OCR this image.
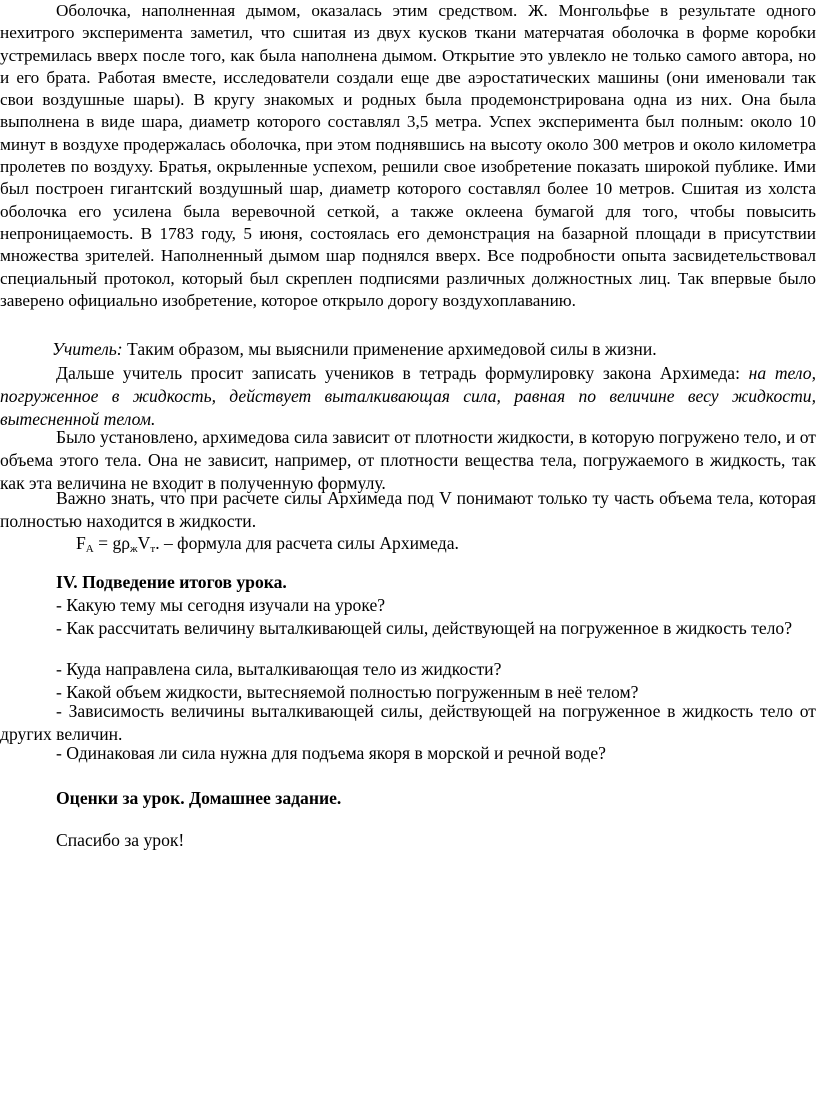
Оболочка, наполненная дымом, оказалась этим средством. Ж. Монгольфье в результате одного нехитрого эксперимента заметил, что сшитая из двух кусков ткани матерчатая оболочка в форме коробки устремилась вверх после того, как была наполнена дымом. Открытие это увлекло не только самого автора, но и его брата. Работая вместе, исследователи создали еще две аэростатических машины (они именовали так свои воздушные шары). В кругу знакомых и родных была продемонстрирована одна из них. Она была выполнена в виде шара, диаметр которого составлял 3,5 метра. Успех эксперимента был полным: около 10 минут в воздухе продержалась оболочка, при этом поднявшись на высоту около 300 метров и около километра пролетев по воздуху. Братья, окрыленные успехом, решили свое изобретение показать широкой публике. Ими был построен гигантский воздушный шар, диаметр которого составлял более 10 метров. Сшитая из холста оболочка его усилена была веревочной сеткой, а также оклеена бумагой для того, чтобы повысить непроницаемость. В 1783 году, 5 июня, состоялась его демонстрация на базарной площади в присутствии множества зрителей. Наполненный дымом шар поднялся вверх. Все подробности опыта засвидетельствовал специальный протокол, который был скреплен подписями различных должностных лиц. Так впервые было заверено официально изобретение, которое открыло дорогу воздухоплаванию.

Учитель: Таким образом, мы выяснили применение архимедовой силы в жизни.

Дальше учитель просит записать учеников в тетрадь формулировку закона Архимеда: на тело, погруженное в жидкость, действует выталкивающая сила, равная по величине весу жидкости, вытесненной телом.

Было установлено, архимедова сила зависит от плотности жидкости, в которую погружено тело, и от объема этого тела. Она не зависит, например, от плотности вещества тела, погружаемого в жидкость, так как эта величина не входит в полученную формулу.

Важно знать, что при расчете силы Архимеда под V понимают только ту часть объема тела, которая полностью находится в жидкости.

$F_A = g\rho_жV_т$. – формула для расчета силы Архимеда.

IV. Подведение итогов урока.

- Какую тему мы сегодня изучали на уроке?

- Как рассчитать величину выталкивающей силы, действующей на погруженное в жидкость тело?

- Куда направлена сила, выталкивающая тело из жидкости?

- Какой объем жидкости, вытесняемой полностью погруженным в неё телом?

- Зависимость величины выталкивающей силы, действующей на погруженное в жидкость тело от других величин.

- Одинаковая ли сила нужна для подъема якоря в морской и речной воде?

Оценки за урок. Домашнее задание.

Спасибо за урок!
